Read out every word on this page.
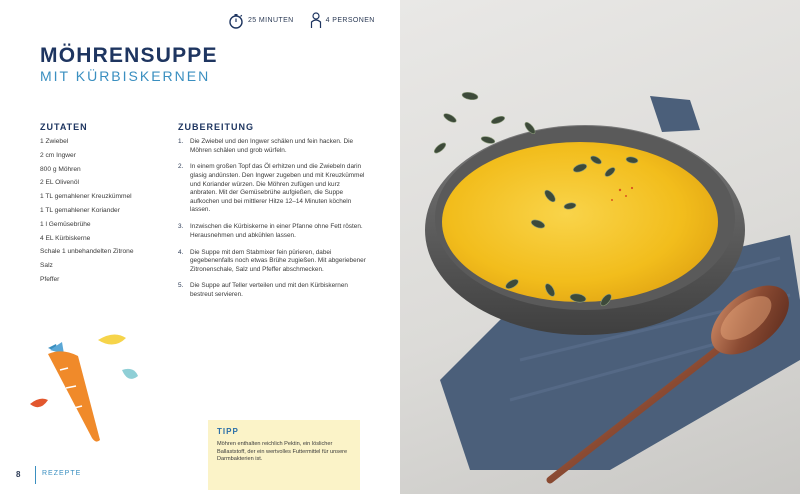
25 MINUTEN	4 PERSONEN
MÖHRENSUPPE
MIT KÜRBISKERNEN
ZUTATEN
1 Zwiebel
2 cm Ingwer
800 g Möhren
2 EL Olivenöl
1 TL gemahlener Kreuzkümmel
1 TL gemahlener Koriander
1 l Gemüsebrühe
4 EL Kürbiskerne
Schale 1 unbehandelten Zitrone
Salz
Pfeffer
ZUBEREITUNG
1.	Die Zwiebel und den Ingwer schälen und fein hacken. Die Möhren schälen und grob würfeln.
2.	In einem großen Topf das Öl erhitzen und die Zwiebeln darin glasig andünsten. Den Ingwer zugeben und mit Kreuzkümmel und Koriander würzen. Die Möhren zufügen und kurz anbraten. Mit der Gemüsebrühe aufgießen, die Suppe aufkochen und bei mittlerer Hitze 12–14 Minuten köcheln lassen.
3.	Inzwischen die Kürbiskerne in einer Pfanne ohne Fett rösten. Herausnehmen und abkühlen lassen.
4.	Die Suppe mit dem Stabmixer fein pürieren, dabei gegebenenfalls noch etwas Brühe zugießen. Mit abgeriebener Zitronenschale, Salz und Pfeffer abschmecken.
5.	Die Suppe auf Teller verteilen und mit den Kürbiskernen bestreut servieren.
TIPP
Möhren enthalten reichlich Pektin, ein löslicher Ballaststoff, der ein wertvolles Futtermittel für unsere Darmbakterien ist.
8	REZEPTE
